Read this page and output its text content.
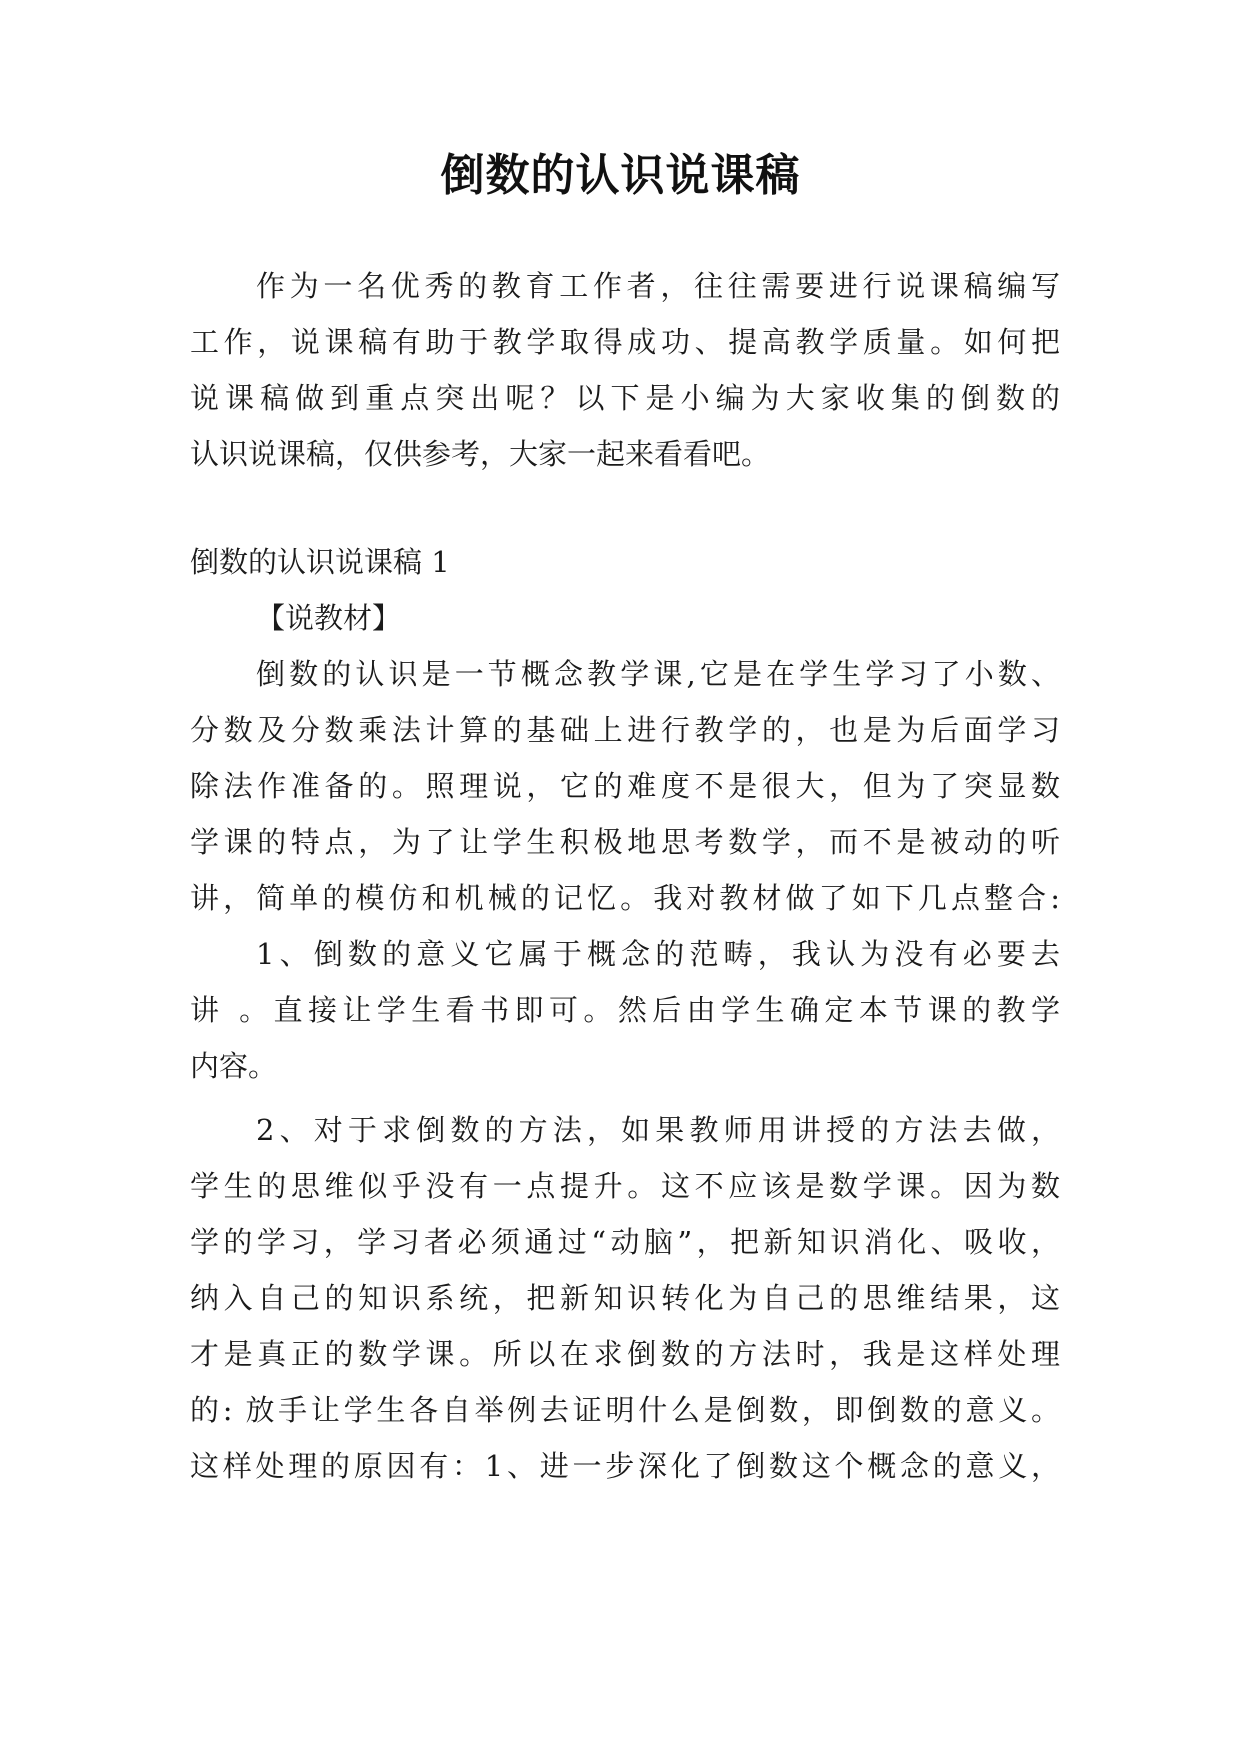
倒数的认识说课稿
作为一名优秀的教育工作者，往往需要进行说课稿编写
工作，说课稿有助于教学取得成功、提高教学质量。如何把
说课稿做到重点突出呢？以下是小编为大家收集的倒数的
认识说课稿，仅供参考，大家一起来看看吧。
倒数的认识说课稿 1
【说教材】
倒数的认识是一节概念教学课,它是在学生学习了小数、
分数及分数乘法计算的基础上进行教学的，也是为后面学习
除法作准备的。照理说，它的难度不是很大，但为了突显数
学课的特点，为了让学生积极地思考数学，而不是被动的听
讲，简单的模仿和机械的记忆。我对教材做了如下几点整合:
1、倒数的意义它属于概念的范畴，我认为没有必要去
讲 。直接让学生看书即可。然后由学生确定本节课的教学
内容。
2、对于求倒数的方法，如果教师用讲授的方法去做，
学生的思维似乎没有一点提升。这不应该是数学课。因为数
学的学习，学习者必须通过“动脑”，把新知识消化、吸收，
纳入自己的知识系统，把新知识转化为自己的思维结果，这
才是真正的数学课。所以在求倒数的方法时，我是这样处理
的: 放手让学生各自举例去证明什么是倒数，即倒数的意义。
这样处理的原因有：1、进一步深化了倒数这个概念的意义，
